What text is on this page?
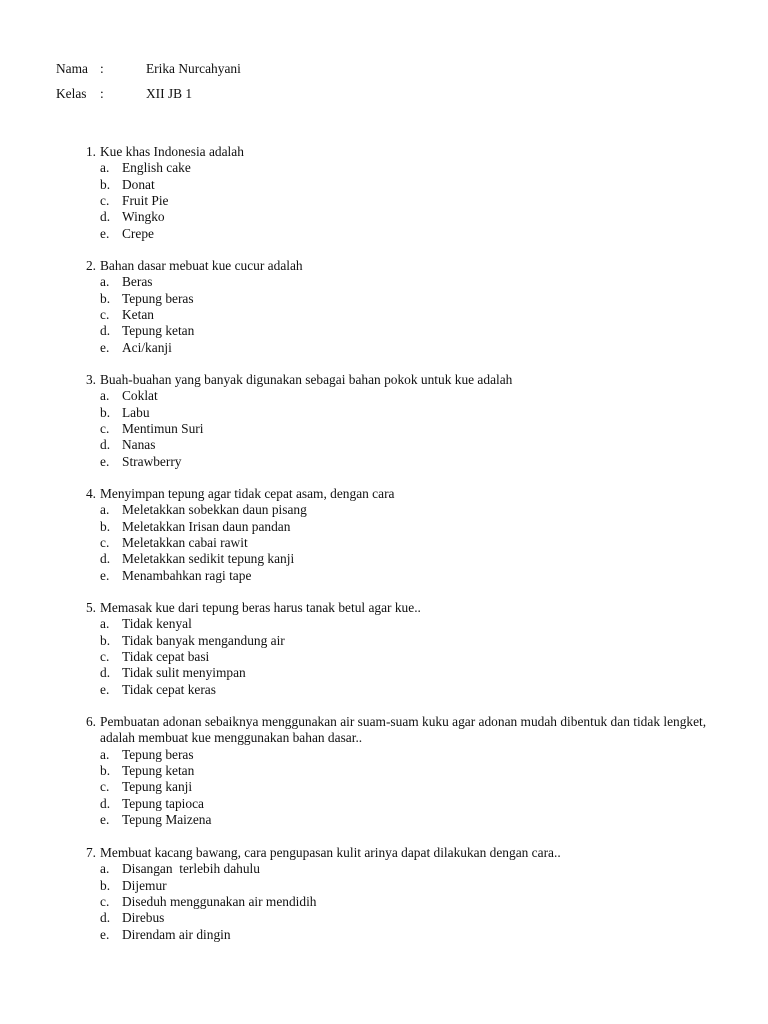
Nama :	Erika Nurcahyani
Kelas :	XII JB 1
1. Kue khas Indonesia adalah
a. English cake
b. Donat
c. Fruit Pie
d. Wingko
e. Crepe
2. Bahan dasar mebuat kue cucur adalah
a. Beras
b. Tepung beras
c. Ketan
d. Tepung ketan
e. Aci/kanji
3. Buah-buahan yang banyak digunakan sebagai bahan pokok untuk kue adalah
a. Coklat
b. Labu
c. Mentimun Suri
d. Nanas
e. Strawberry
4. Menyimpan tepung agar tidak cepat asam, dengan cara
a. Meletakkan sobekkan daun pisang
b. Meletakkan Irisan daun pandan
c. Meletakkan cabai rawit
d. Meletakkan sedikit tepung kanji
e. Menambahkan ragi tape
5. Memasak kue dari tepung beras harus tanak betul agar kue..
a. Tidak kenyal
b. Tidak banyak mengandung air
c. Tidak cepat basi
d. Tidak sulit menyimpan
e. Tidak cepat keras
6. Pembuatan adonan sebaiknya menggunakan air suam-suam kuku agar adonan mudah dibentuk dan tidak lengket, adalah membuat kue menggunakan bahan dasar..
a. Tepung beras
b. Tepung ketan
c. Tepung kanji
d. Tepung tapioca
e. Tepung Maizena
7. Membuat kacang bawang, cara pengupasan kulit arinya dapat dilakukan dengan cara..
a. Disangan  terlebih dahulu
b. Dijemur
c. Diseduh menggunakan air mendidih
d. Direbus
e. Direndam air dingin
